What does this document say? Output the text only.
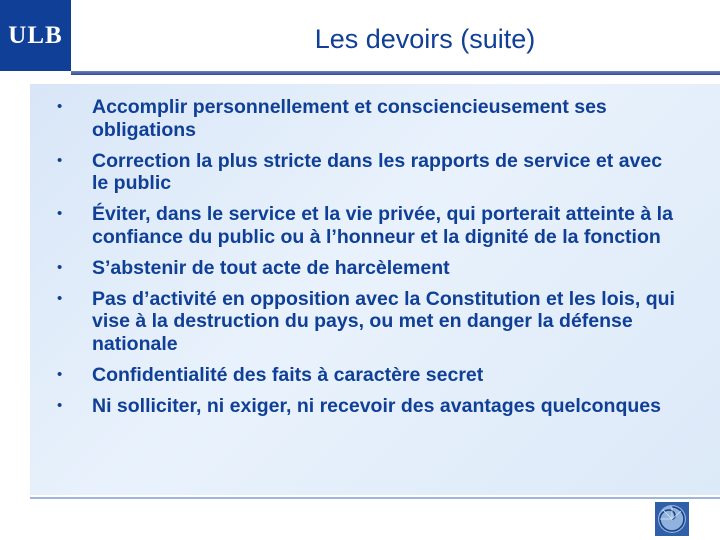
ULB	Les devoirs (suite)
• Accomplir personnellement et consciencieusement ses obligations
• Correction la plus stricte dans les rapports de service et avec le public
• Éviter, dans le service et la vie privée, qui porterait atteinte à la confiance du public ou à l’honneur et la dignité de la fonction
• S’abstenir de tout acte de harcèlement
• Pas d’activité en opposition avec la Constitution et les lois, qui vise à la destruction du pays, ou met en danger la défense nationale
• Confidentialité des faits à caractère secret
• Ni solliciter, ni exiger, ni recevoir des avantages quelconques
